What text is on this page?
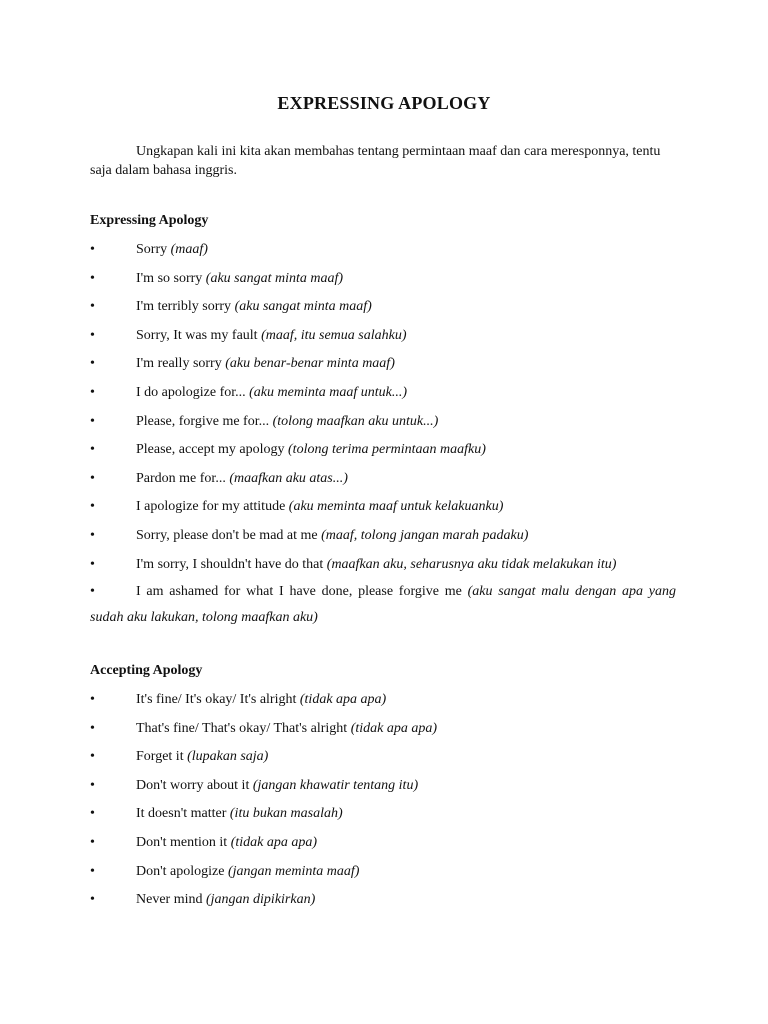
EXPRESSING APOLOGY
Ungkapan kali ini kita akan membahas tentang permintaan maaf dan cara meresponnya, tentu saja dalam bahasa inggris.
Expressing Apology
•	Sorry (maaf)
•	I'm so sorry (aku sangat minta maaf)
•	I'm terribly sorry (aku sangat minta maaf)
•	Sorry, It was my fault (maaf, itu semua salahku)
•	I'm really sorry (aku benar-benar minta maaf)
•	I do apologize for... (aku meminta maaf untuk...)
•	Please, forgive me for... (tolong maafkan aku untuk...)
•	Please, accept my apology (tolong terima permintaan maafku)
•	Pardon me for... (maafkan aku atas...)
•	I apologize for my attitude (aku meminta maaf untuk kelakuanku)
•	Sorry, please don't be mad at me (maaf, tolong jangan marah padaku)
•	I'm sorry, I shouldn't have do that (maafkan aku, seharusnya aku tidak melakukan itu)
•	I am ashamed for what I have done, please forgive me (aku sangat malu dengan apa yang sudah aku lakukan, tolong maafkan aku)
Accepting Apology
•	It's fine/ It's okay/ It's alright (tidak apa apa)
•	That's fine/ That's okay/ That's alright (tidak apa apa)
•	Forget it (lupakan saja)
•	Don't worry about it (jangan khawatir tentang itu)
•	It doesn't matter (itu bukan masalah)
•	Don't mention it (tidak apa apa)
•	Don't apologize (jangan meminta maaf)
•	Never mind (jangan dipikirkan)
